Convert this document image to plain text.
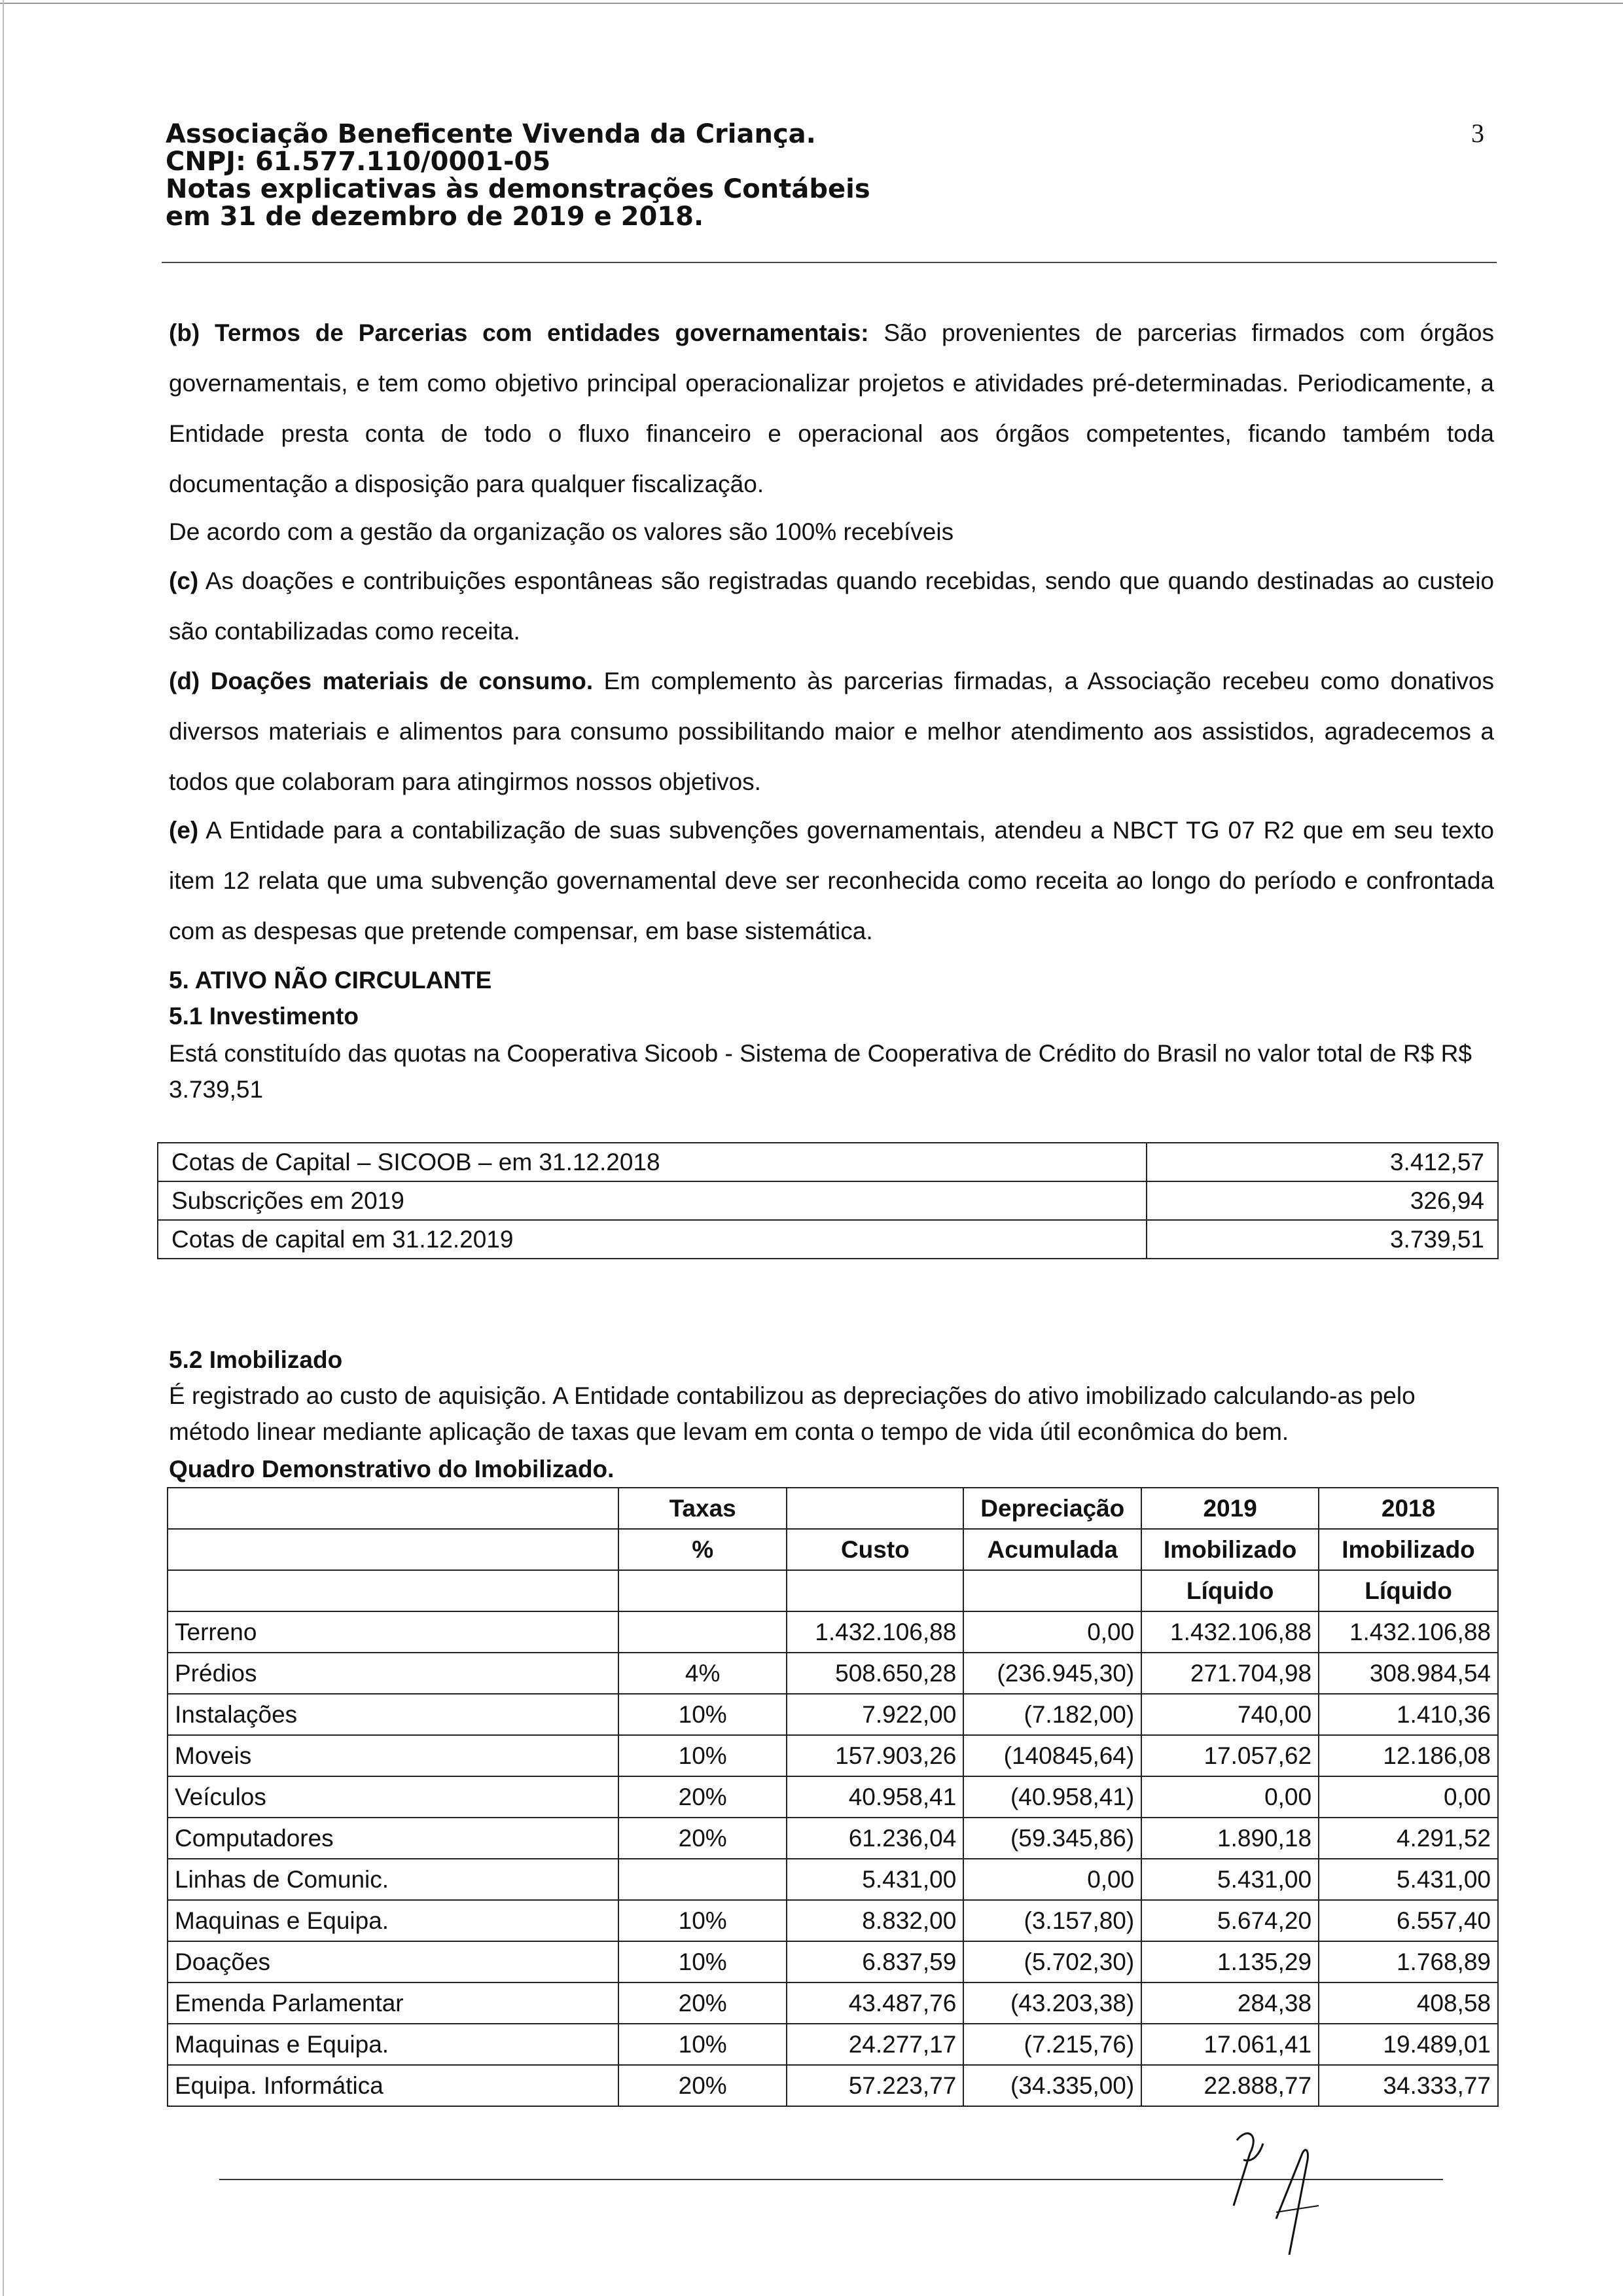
Associação Beneficente Vivenda da Criança.
CNPJ: 61.577.110/0001-05
Notas explicativas às demonstrações Contábeis
em 31 de dezembro de 2019 e 2018.
3

(b) Termos de Parcerias com entidades governamentais: São provenientes de parcerias firmados com órgãos governamentais, e tem como objetivo principal operacionalizar projetos e atividades pré-determinadas. Periodicamente, a Entidade presta conta de todo o fluxo financeiro e operacional aos órgãos competentes, ficando também toda documentação a disposição para qualquer fiscalização.

De acordo com a gestão da organização os valores são 100% recebíveis

(c) As doações e contribuições espontâneas são registradas quando recebidas, sendo que quando destinadas ao custeio são contabilizadas como receita.

(d) Doações materiais de consumo. Em complemento às parcerias firmadas, a Associação recebeu como donativos diversos materiais e alimentos para consumo possibilitando maior e melhor atendimento aos assistidos, agradecemos a todos que colaboram para atingirmos nossos objetivos.

(e) A Entidade para a contabilização de suas subvenções governamentais, atendeu a NBCT TG 07 R2 que em seu texto item 12 relata que uma subvenção governamental deve ser reconhecida como receita ao longo do período e confrontada com as despesas que pretende compensar, em base sistemática.

5. ATIVO NÃO CIRCULANTE
5.1 Investimento

Está constituído das quotas na Cooperativa Sicoob - Sistema de Cooperativa de Crédito do Brasil no valor total de R$ R$ 3.739,51

Cotas de Capital – SICOOB – em 31.12.2018	3.412,57
Subscrições em 2019	326,94
Cotas de capital em 31.12.2019	3.739,51
5.2 Imobilizado

É registrado ao custo de aquisição. A Entidade contabilizou as depreciações do ativo imobilizado calculando-as pelo método linear mediante aplicação de taxas que levam em conta o tempo de vida útil econômica do bem.

Quadro Demonstrativo do Imobilizado.
	Taxas		Depreciação	2019	2018
	%	Custo	Acumulada	Imobilizado	Imobilizado
				Líquido	Líquido
Terreno		1.432.106,88	0,00	1.432.106,88	1.432.106,88
Prédios	4%	508.650,28	(236.945,30)	271.704,98	308.984,54
Instalações	10%	7.922,00	(7.182,00)	740,00	1.410,36
Moveis	10%	157.903,26	(140845,64)	17.057,62	12.186,08
Veículos	20%	40.958,41	(40.958,41)	0,00	0,00
Computadores	20%	61.236,04	(59.345,86)	1.890,18	4.291,52
Linhas de Comunic.		5.431,00	0,00	5.431,00	5.431,00
Maquinas e Equipa.	10%	8.832,00	(3.157,80)	5.674,20	6.557,40
Doações	10%	6.837,59	(5.702,30)	1.135,29	1.768,89
Emenda Parlamentar	20%	43.487,76	(43.203,38)	284,38	408,58
Maquinas e Equipa.	10%	24.277,17	(7.215,76)	17.061,41	19.489,01
Equipa. Informática	20%	57.223,77	(34.335,00)	22.888,77	34.333,77
